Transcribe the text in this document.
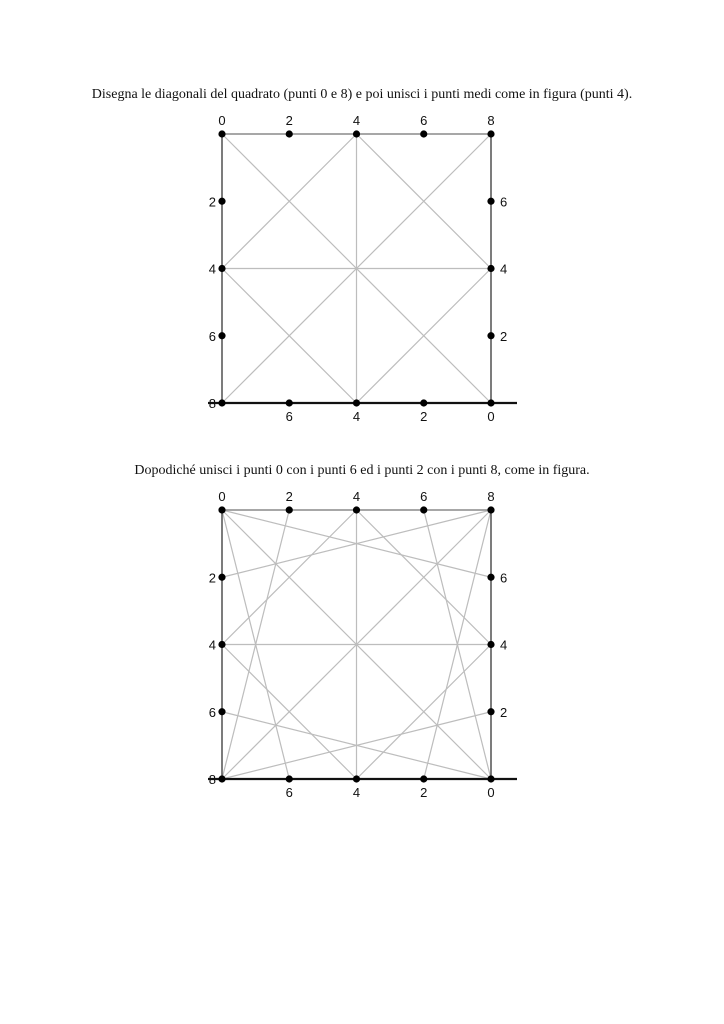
Disegna le diagonali del quadrato (punti 0 e 8) e poi unisci i punti medi come in figura (punti 4).
0	2	4	6	8
2
4
6
8
6
4
2
6	4	2	0
Dopodiché unisci i punti 0 con i punti 6 ed i punti 2 con i punti 8, come in figura.
0	2	4	6	8
2
4
6
8
6
4
2
6	4	2	0
